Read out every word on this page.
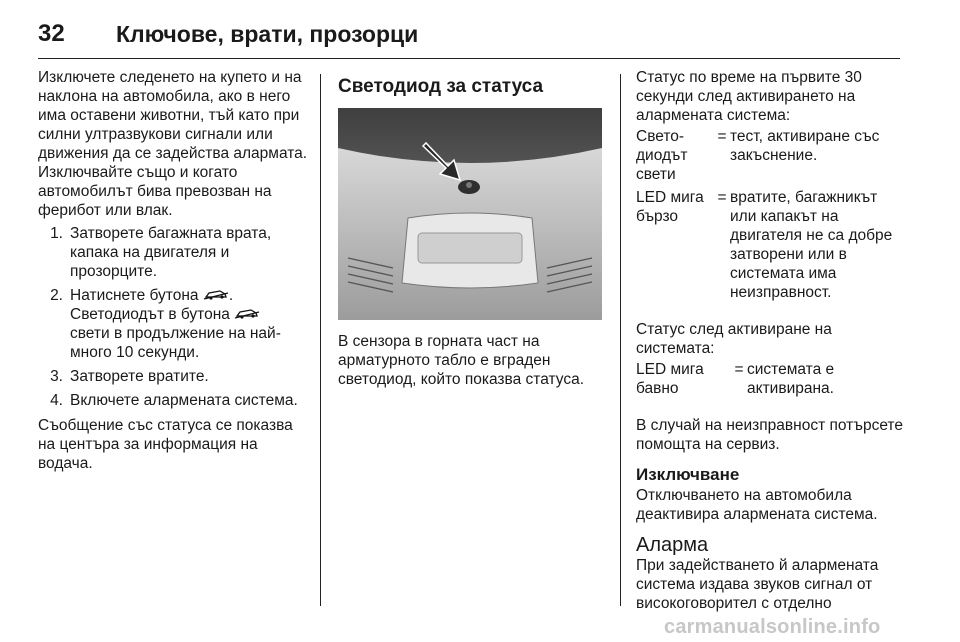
32	Ключове, врати, прозорци

Изключете следенето на купето и на наклона на автомобила, ако в него има оставени животни, тъй като при силни ултразвукови сигнали или движения да се задейства алармата. Изключвайте също и когато автомобилът бива превозван на ферибот или влак.

1. Затворете багажната врата, капака на двигателя и прозорците.
2. Натиснете бутона .
Светодиодът в бутона

свети в продължение на най-много 10 секунди.
3. Затворете вратите.
4. Включете алармената система.

Съобщение със статуса се показва на центъра за информация на водача.

Светодиод за статуса

В сензора в горната част на арматурното табло е вграден светодиод, който показва статуса.

Статус по време на първите 30 секунди след активирането на алармената система:

Свето-диодът свети	=	тест, активиране със закъснение.
LED мига бързо	=	вратите, багажникът или капакът на двигателя не са добре затворени или в системата има неизправност.

Статус след активиране на системата:

LED мига бавно	=	системата е активирана.

В случай на неизправност потърсете помощта на сервиз.

Изключване

Отключването на автомобила деактивира алармената система.

Аларма

При задействането й алармената система издава звуков сигнал от високоговорител с отделно

carmanualsonline.info
